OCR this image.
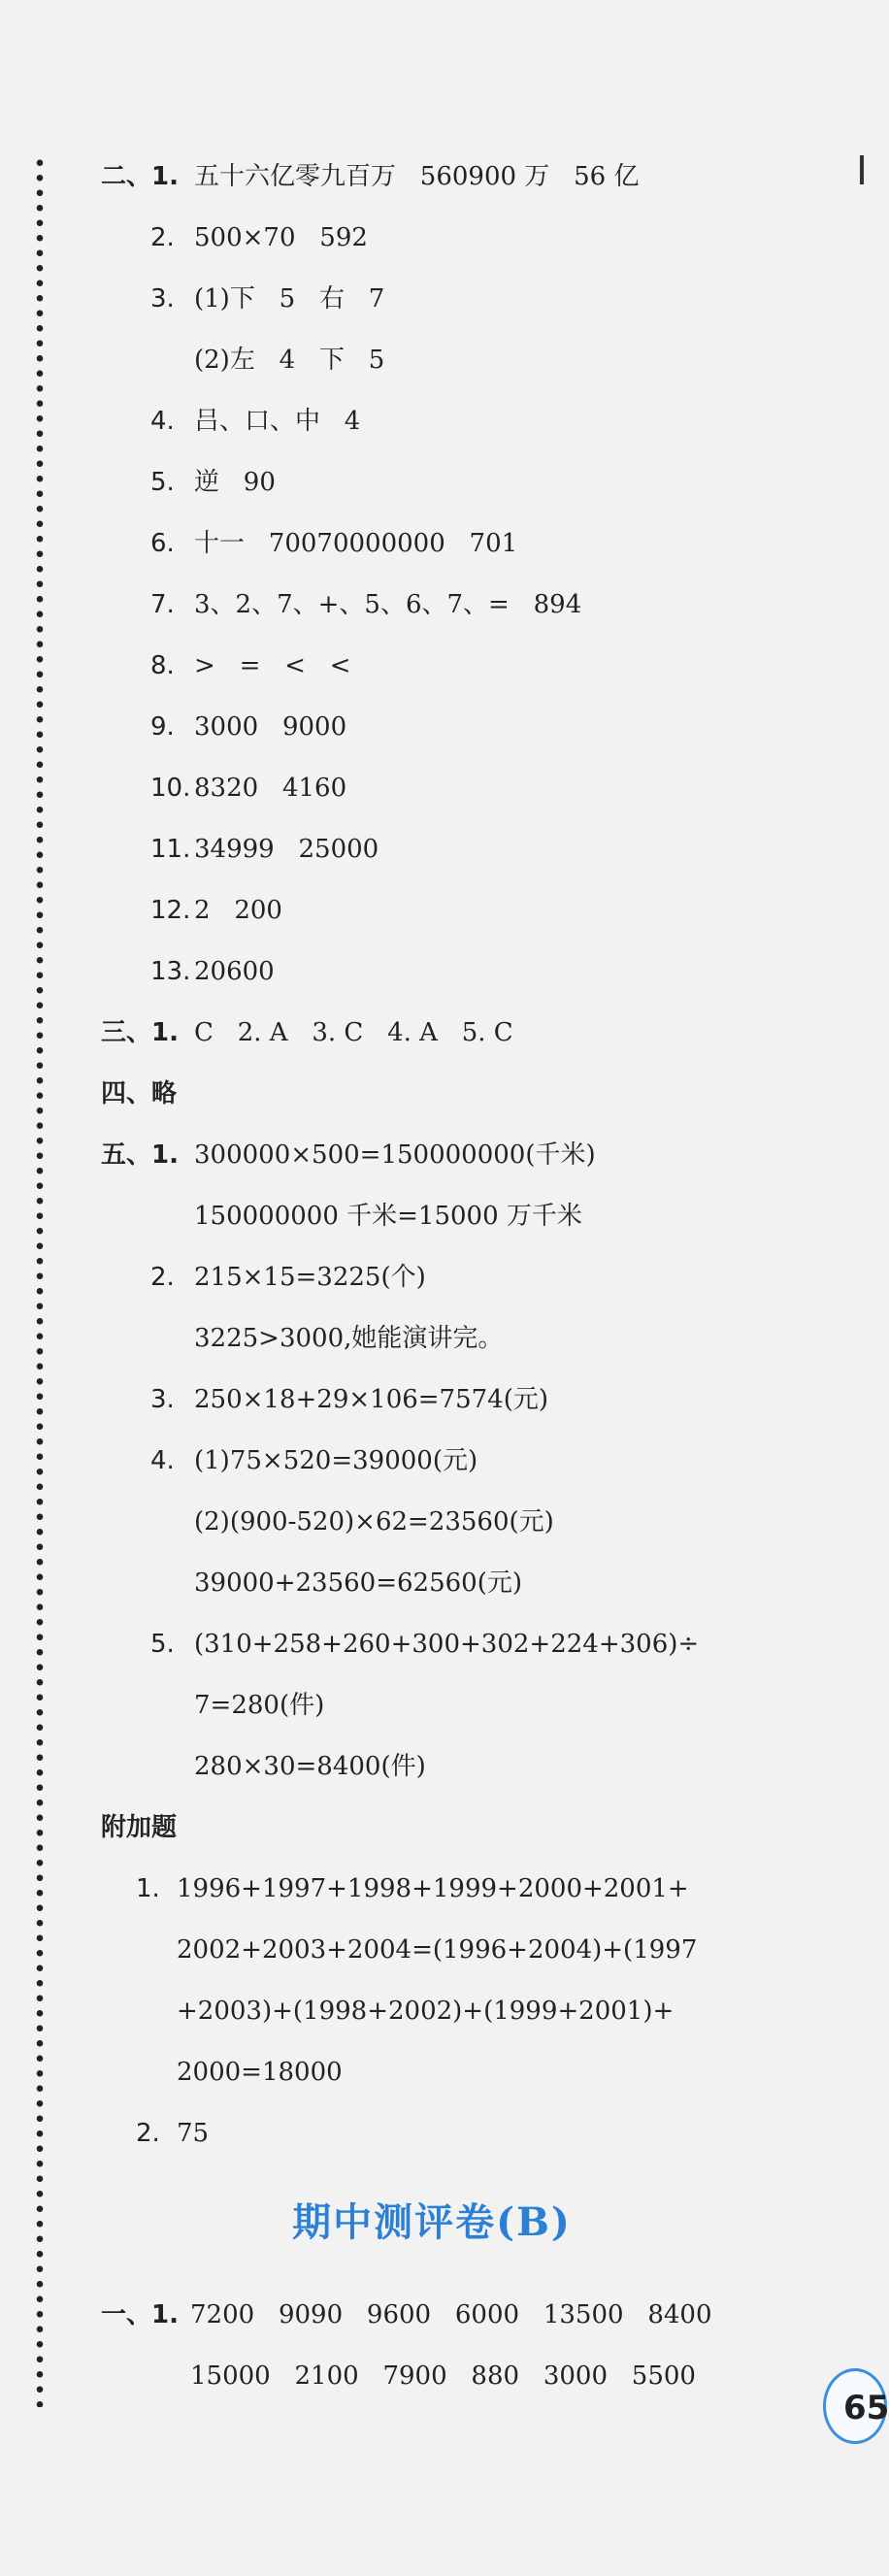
二、1. 五十六亿零九百万   560900 万   56 亿
2. 500×70   592
3. (1)下   5   右   7
(2)左   4   下   5
4. 吕、口、中   4
5. 逆   90
6. 十一   70070000000   701
7. 3、2、7、+、5、6、7、=   894
8. >   =   <   <
9. 3000   9000
10. 8320   4160
11. 34999   25000
12. 2   200
13. 20600
三、1. C   2. A   3. C   4. A   5. C
四、略
五、1. 300000×500=150000000(千米)
150000000 千米=15000 万千米
2. 215×15=3225(个)
3225>3000,她能演讲完。
3. 250×18+29×106=7574(元)
4. (1)75×520=39000(元)
(2)(900-520)×62=23560(元)
39000+23560=62560(元)
5. (310+258+260+300+302+224+306)÷
7=280(件)
280×30=8400(件)
附加题
1. 1996+1997+1998+1999+2000+2001+
2002+2003+2004=(1996+2004)+(1997
+2003)+(1998+2002)+(1999+2001)+
2000=18000
2. 75
期中测评卷(B)
一、1. 7200   9090   9600   6000   13500   8400
15000   2100   7900   880   3000   5500
65
